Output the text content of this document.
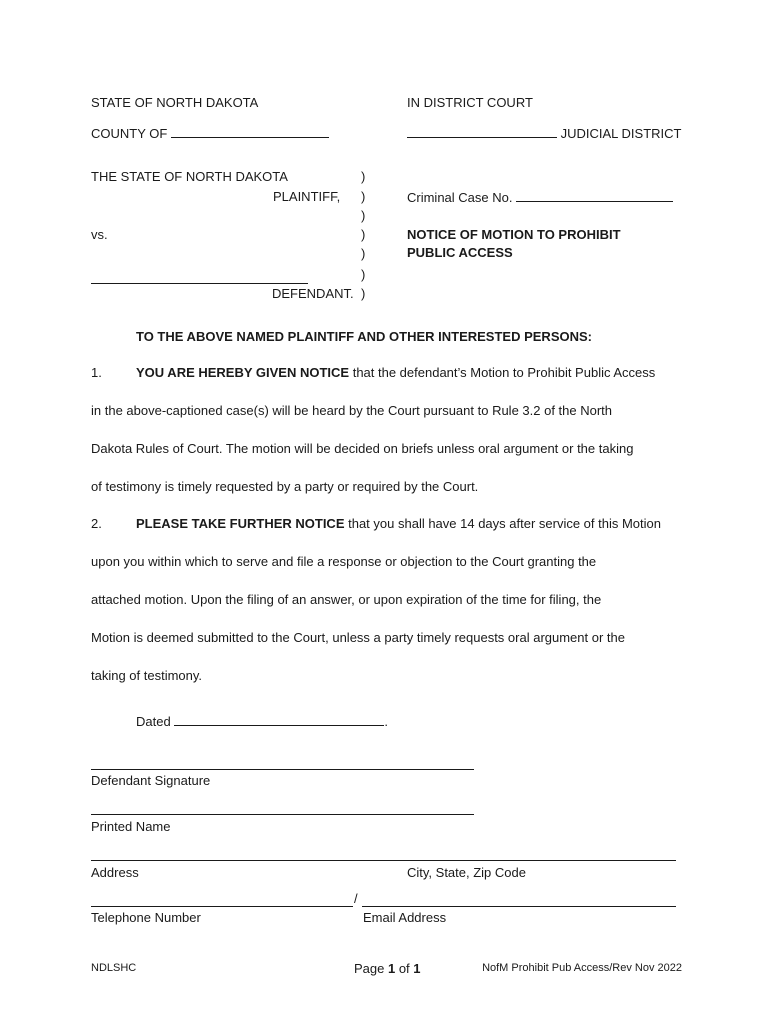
STATE OF NORTH DAKOTA	IN DISTRICT COURT
COUNTY OF	JUDICIAL DISTRICT
THE STATE OF NORTH DAKOTA
PLAINTIFF,
vs.
DEFENDANT.
)
)
)
)
)
)
)
Criminal Case No.
NOTICE OF MOTION TO PROHIBIT
PUBLIC ACCESS
TO THE ABOVE NAMED PLAINTIFF AND OTHER INTERESTED PERSONS:
1.	YOU ARE HEREBY GIVEN NOTICE that the defendant’s Motion to Prohibit Public Access
in the above-captioned case(s) will be heard by the Court pursuant to Rule 3.2 of the North
Dakota Rules of Court. The motion will be decided on briefs unless oral argument or the taking
of testimony is timely requested by a party or required by the Court.
2.	PLEASE TAKE FURTHER NOTICE that you shall have 14 days after service of this Motion
upon you within which to serve and file a response or objection to the Court granting the
attached motion. Upon the filing of an answer, or upon expiration of the time for filing, the
Motion is deemed submitted to the Court, unless a party timely requests oral argument or the
taking of testimony.
Dated	.
Defendant Signature
Printed Name
Address	City, State, Zip Code
/
Telephone Number	Email Address
NDLSHC	Page 1 of 1	NofM Prohibit Pub Access/Rev Nov 2022
